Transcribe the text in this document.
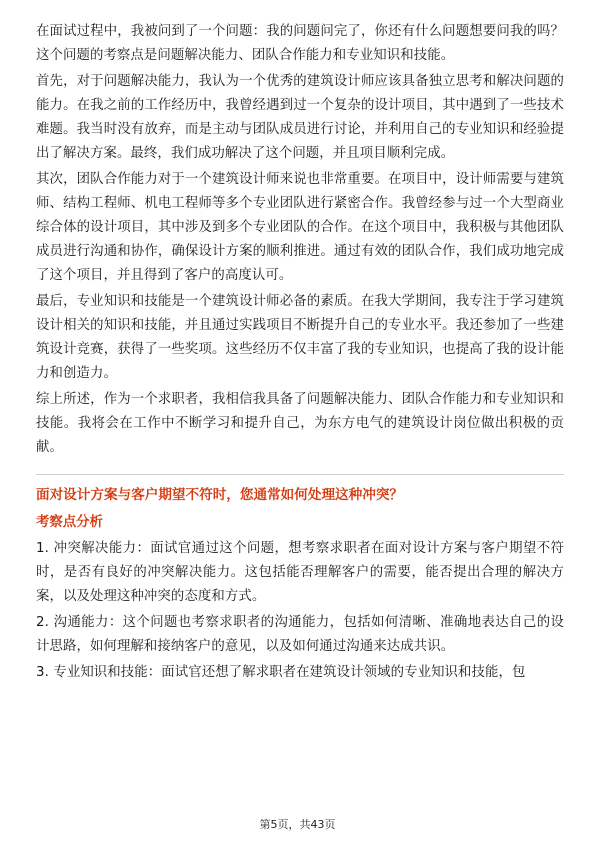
在面试过程中，我被问到了一个问题：我的问题问完了，你还有什么问题想要问我的吗？这个问题的考察点是问题解决能力、团队合作能力和专业知识和技能。

首先，对于问题解决能力，我认为一个优秀的建筑设计师应该具备独立思考和解决问题的能力。在我之前的工作经历中，我曾经遇到过一个复杂的设计项目，其中遇到了一些技术难题。我当时没有放弃，而是主动与团队成员进行讨论，并利用自己的专业知识和经验提出了解决方案。最终，我们成功解决了这个问题，并且项目顺利完成。

其次，团队合作能力对于一个建筑设计师来说也非常重要。在项目中，设计师需要与建筑师、结构工程师、机电工程师等多个专业团队进行紧密合作。我曾经参与过一个大型商业综合体的设计项目，其中涉及到多个专业团队的合作。在这个项目中，我积极与其他团队成员进行沟通和协作，确保设计方案的顺利推进。通过有效的团队合作，我们成功地完成了这个项目，并且得到了客户的高度认可。

最后，专业知识和技能是一个建筑设计师必备的素质。在我大学期间，我专注于学习建筑设计相关的知识和技能，并且通过实践项目不断提升自己的专业水平。我还参加了一些建筑设计竞赛，获得了一些奖项。这些经历不仅丰富了我的专业知识，也提高了我的设计能力和创造力。

综上所述，作为一个求职者，我相信我具备了问题解决能力、团队合作能力和专业知识和技能。我将会在工作中不断学习和提升自己，为东方电气的建筑设计岗位做出积极的贡献。

面对设计方案与客户期望不符时，您通常如何处理这种冲突？

考察点分析

1. 冲突解决能力：面试官通过这个问题，想考察求职者在面对设计方案与客户期望不符时，是否有良好的冲突解决能力。这包括能否理解客户的需要，能否提出合理的解决方案，以及处理这种冲突的态度和方式。

2. 沟通能力：这个问题也考察求职者的沟通能力，包括如何清晰、准确地表达自己的设计思路，如何理解和接纳客户的意见，以及如何通过沟通来达成共识。

3. 专业知识和技能：面试官还想了解求职者在建筑设计领域的专业知识和技能，包

第5页，共43页
